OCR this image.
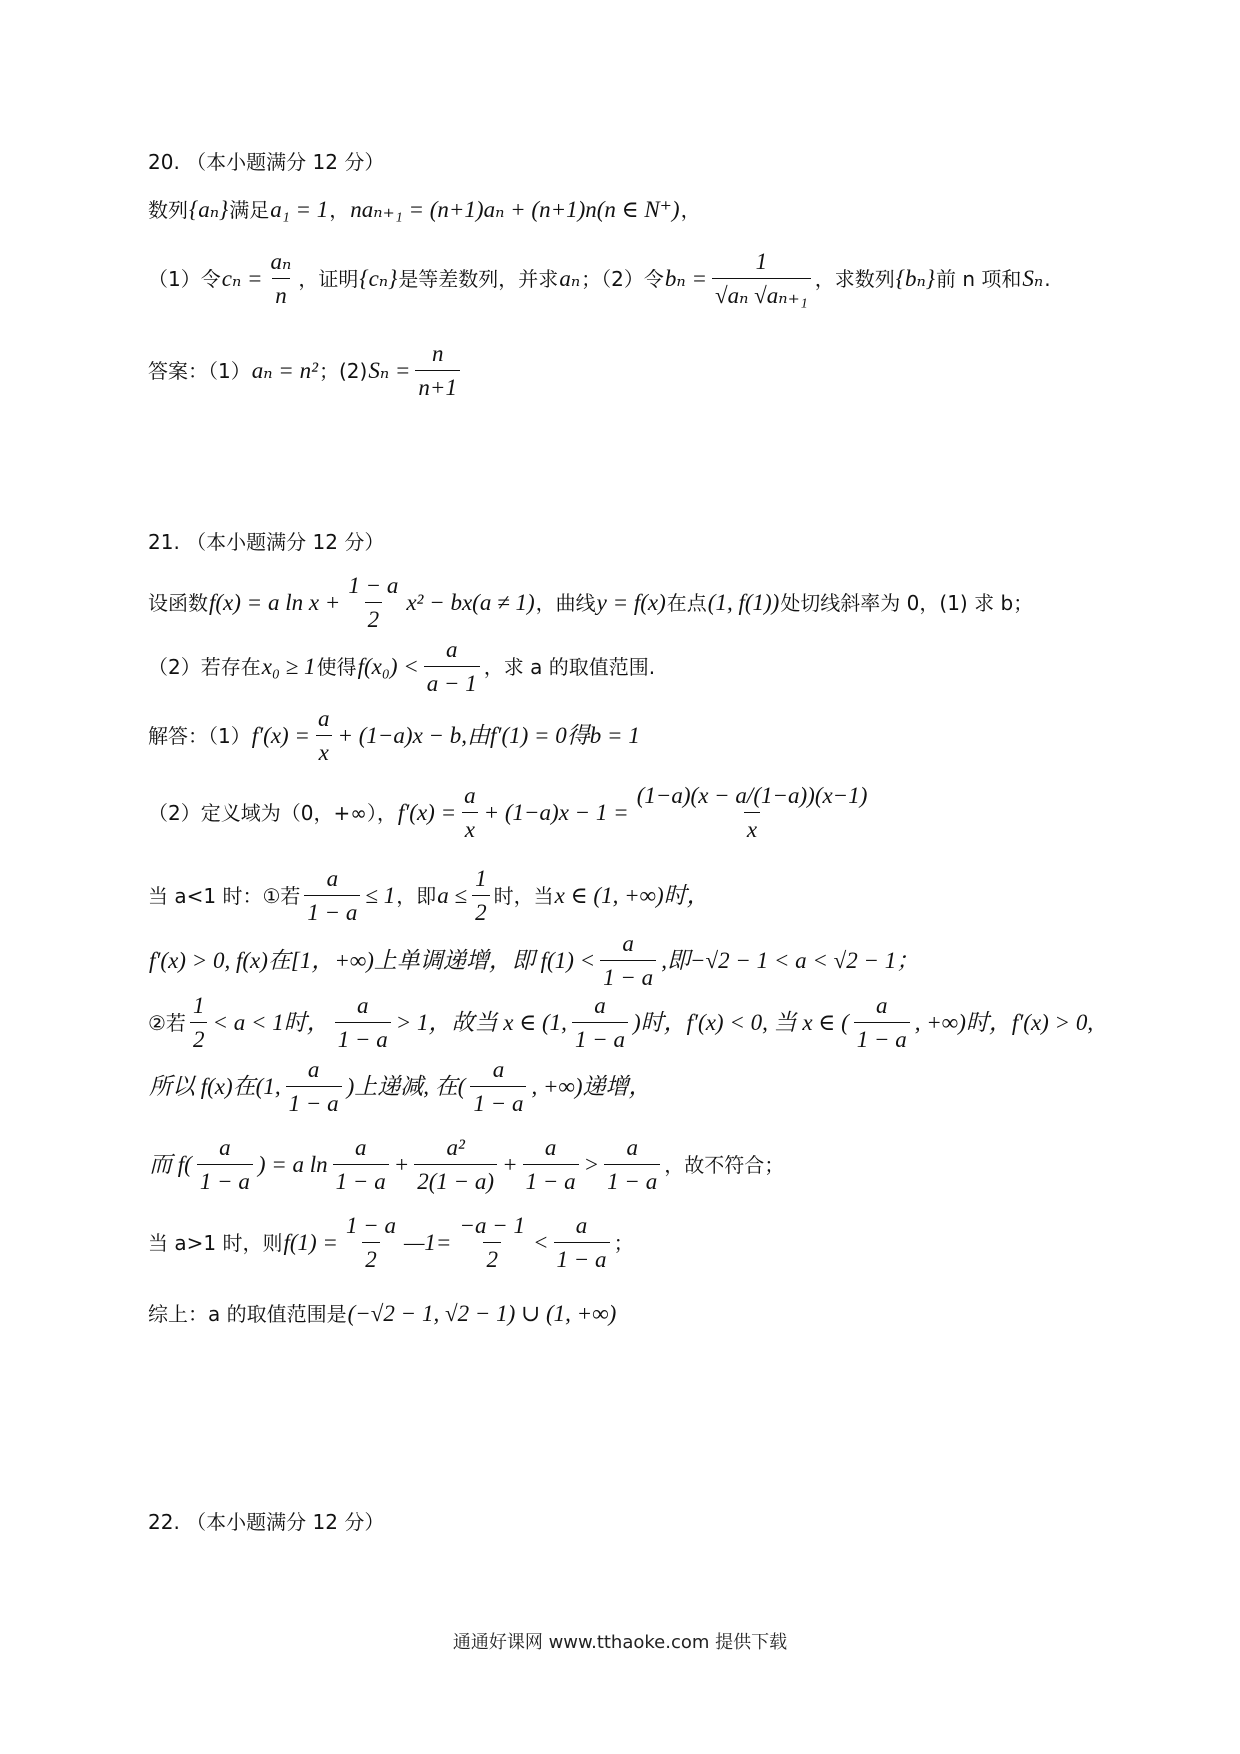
20. （本小题满分 12 分）
数列 {aₙ} 满足 a₁ = 1 ， naₙ₊₁ = (n+1)aₙ + (n+1)n(n ∈ N⁺) ，
（1）令 $c_n = \frac{\text{aₙ}}{n}$ ，证明 {cₙ} 是等差数列，并求 aₙ ；（2）令 $b_n = \frac{1}{\text{√aₙ √aₙ₊₁}}$ ，求数列 {bₙ} 前 n 项和 Sₙ .
答案：（1） aₙ = n² ；(2) $S_n = \frac{n}{n+1}$
21. （本小题满分 12 分）
设函数 f(x) = a $\ln x + \frac{1 - a}{2} x^2 - bx(a \ne 1)$ ，曲线 y = f(x) 在点 (1, f(1)) 处切线斜率为 0，(1) 求 b；
（2）若存在 x₀ ≥ 1 使得 $f(x_0) < \frac{a}{a - 1}$ ，求 a 的取值范围.
解答：（1） $f'(x) = \frac{a}{x} + (1-a)x - b$,由f′(1) = 0得b = 1
（2）定义域为（0，+∞）， $f'(x) = \frac{a}{x} + (1-a)x - 1 = \frac{(1-a)(x - a/(1-a))(x-1)}{x}$
当 a<1 时：①若 $\frac{a}{1 - a} \le 1$ ，即 $a \le \frac{1}{2}$ 时，当 x ∈ (1, +∞)时，
f′(x) > 0, f(x)在[1，+∞)上单调递增，即 $f(1) < \frac{a}{1 - a}$ ,即−√2 − 1 < a < √2 − 1；
②若 $\frac{1}{2} < a < 1$时， $\frac{a}{1 - a} > 1$，故当 x ∈ (1, $\frac{a}{1 - a}$ )时，f′(x) < 0, 当 x ∈ ( $\frac{a}{1 - a}$ , +∞)时，f′(x) > 0,
所以 f(x)在(1, $\frac{a}{1 - a}$ )上递减, 在( $\frac{a}{1 - a}$ , +∞)递增，
而 $f( \frac{a}{1 - a}$ ) = a $\ln \frac{a}{1 - a} + \frac{\text{a²}}{2(1 - a)} + \frac{a}{1 - a} > \frac{a}{1 - a}$ ，故不符合；
当 a>1 时，则 $f(1) = \frac{1 - a}{2}$ —1= $\frac{-a - 1}{2} < \frac{a}{1 - a}$ ；
综上：a 的取值范围是 (−√2 − 1, √2 − 1) ∪ (1, +∞)
22. （本小题满分 12 分）
通通好课网 www.tthaoke.com 提供下载
